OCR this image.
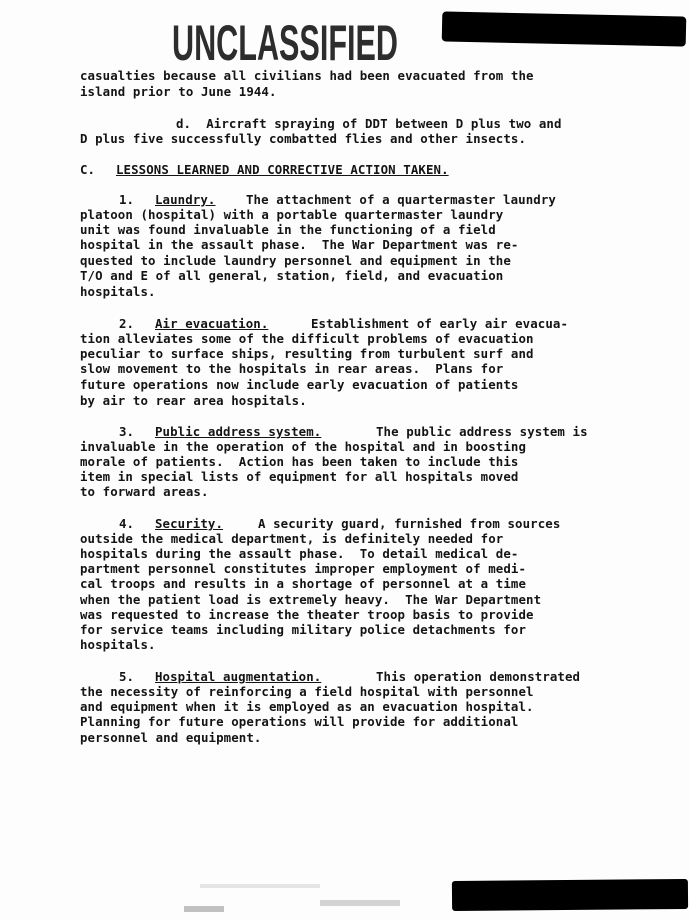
UNCLASSIFIED

casualties because all civilians had been evacuated from the

island prior to June 1944.

d.  Aircraft spraying of DDT between D plus two and

D plus five successfully combatted flies and other insects.

C. LESSONS LEARNED AND CORRECTIVE ACTION TAKEN.

1. Laundry. The attachment of a quartermaster laundry

platoon (hospital) with a portable quartermaster laundry

unit was found invaluable in the functioning of a field

hospital in the assault phase.  The War Department was re-

quested to include laundry personnel and equipment in the

T/O and E of all general, station, field, and evacuation

hospitals.

2. Air evacuation.	Establishment of early air evacua-

tion alleviates some of the difficult problems of evacuation

peculiar to surface ships, resulting from turbulent surf and

slow movement to the hospitals in rear areas.  Plans for

future operations now include early evacuation of patients

by air to rear area hospitals.

3. Public address system.	The public address system is

invaluable in the operation of the hospital and in boosting

morale of patients.  Action has been taken to include this

item in special lists of equipment for all hospitals moved

to forward areas.

4. Security.	A security guard, furnished from sources

outside the medical department, is definitely needed for

hospitals during the assault phase.  To detail medical de-

partment personnel constitutes improper employment of medi-

cal troops and results in a shortage of personnel at a time

when the patient load is extremely heavy.  The War Department

was requested to increase the theater troop basis to provide

for service teams including military police detachments for

hospitals.

5. Hospital augmentation.	This operation demonstrated

the necessity of reinforcing a field hospital with personnel

and equipment when it is employed as an evacuation hospital.

Planning for future operations will provide for additional

personnel and equipment.
